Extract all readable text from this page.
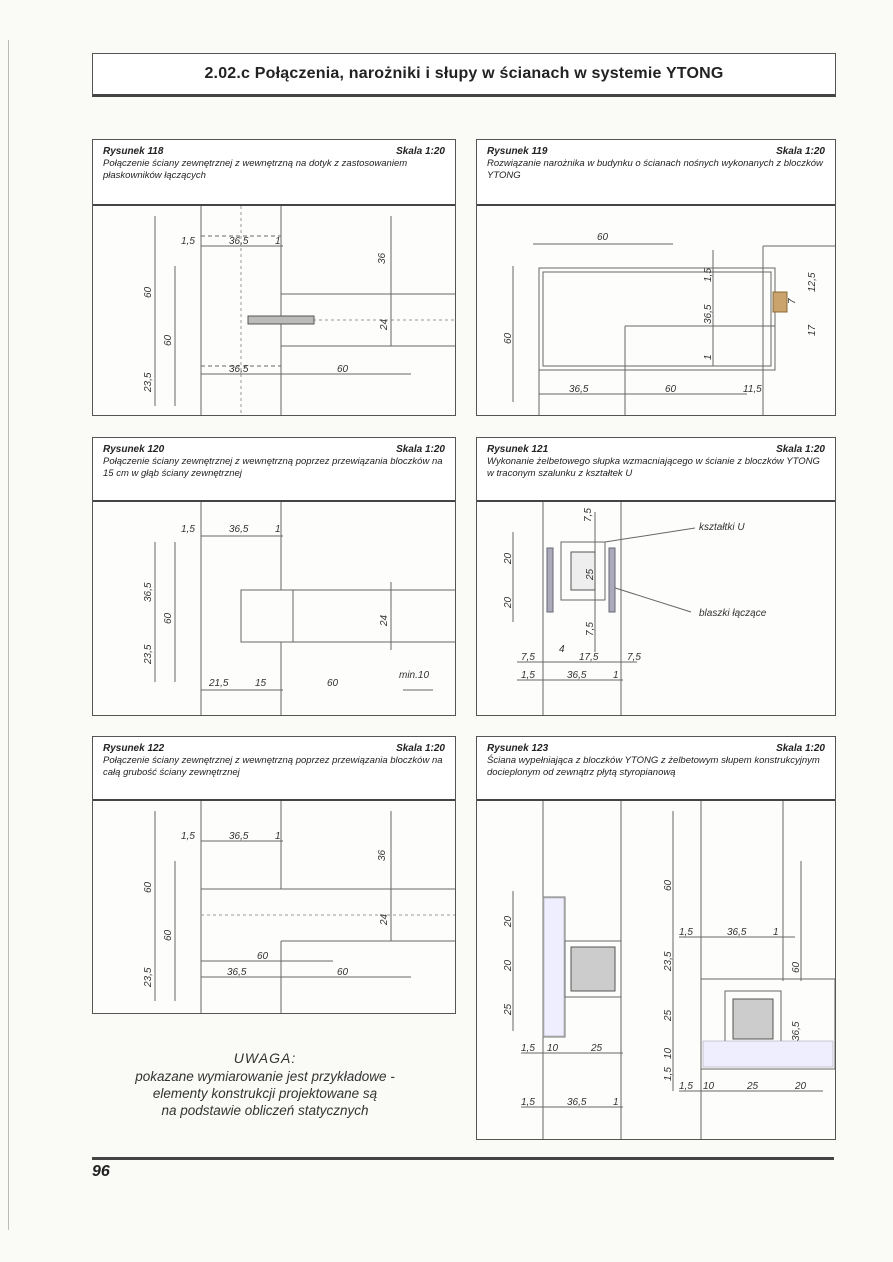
2.02.c Połączenia, narożniki i słupy w ścianach w systemie YTONG
Rysunek 118	Skala 1:20
Połączenie ściany zewnętrznej z wewnętrzną na dotyk z zastosowaniem płaskowników łączących
1,5	36,5	1
36
60
60
24
23,5
36,5	60
Rysunek 119	Skala 1:20
Rozwiązanie narożnika w budynku o ścianach nośnych wykonanych z bloczków YTONG
60
1,5	12,5
7
36,5
17
60
1
36,5	60	11,5
Rysunek 120	Skala 1:20
Połączenie ściany zewnętrznej z wewnętrzną poprzez przewiązania bloczków na 15 cm w głąb ściany zewnętrznej
1,5	36,5	1
36,5
60	24
23,5
21,5	15	60
min.10
Rysunek 121	Skala 1:20
Wykonanie żelbetowego słupka wzmacniającego w ścianie z bloczków YTONG w traconym szalunku z kształtek U
7,5
20
25
20
7,5
4
7,5	17,5	7,5
1,5	36,5	1
kształtki U
blaszki łączące
Rysunek 122	Skala 1:20
Połączenie ściany zewnętrznej z wewnętrzną poprzez przewiązania bloczków na całą grubość ściany zewnętrznej
1,5	36,5	1
36
60
60
24
23,5
60
36,5	60
Rysunek 123	Skala 1:20
Ściana wypełniająca z bloczków YTONG z żelbetowym słupem konstrukcyjnym docieplonym od zewnątrz płytą styropianową
20
25
20
1,5 10	25
1,5	36,5	1
60
1,5	36,5	1
60
23,5
25
36,5
10
1,5
1,5 10	25	20
UWAGA:
pokazane wymiarowanie jest przykładowe -
elementy konstrukcji projektowane są
na podstawie obliczeń statycznych
96
